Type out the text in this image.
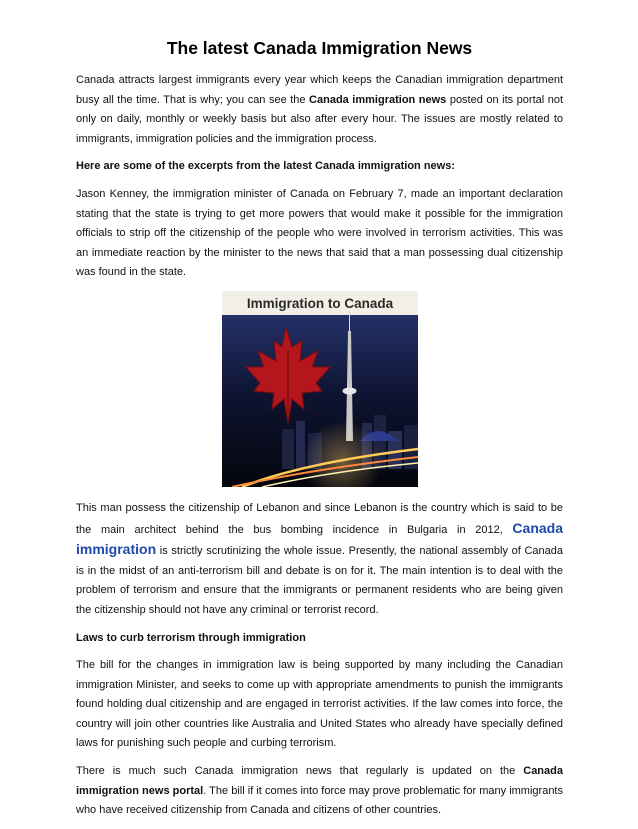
The latest Canada Immigration News

Canada attracts largest immigrants every year which keeps the Canadian immigration department busy all the time. That is why; you can see the Canada immigration news posted on its portal not only on daily, monthly or weekly basis but also after every hour. The issues are mostly related to immigrants, immigration policies and the immigration process.

Here are some of the excerpts from the latest Canada immigration news:

Jason Kenney, the immigration minister of Canada on February 7, made an important declaration stating that the state is trying to get more powers that would make it possible for the immigration officials to strip off the citizenship of the people who were involved in terrorism activities. This was an immediate reaction by the minister to the news that said that a man possessing dual citizenship was found in the state.

Immigration to Canada

This man possess the citizenship of Lebanon and since Lebanon is the country which is said to be the main architect behind the bus bombing incidence in Bulgaria in 2012, Canada immigration is strictly scrutinizing the whole issue. Presently, the national assembly of Canada is in the midst of an anti-terrorism bill and debate is on for it. The main intention is to deal with the problem of terrorism and ensure that the immigrants or permanent residents who are being given the citizenship should not have any criminal or terrorist record.

Laws to curb terrorism through immigration

The bill for the changes in immigration law is being supported by many including the Canadian immigration Minister, and seeks to come up with appropriate amendments to punish the immigrants found holding dual citizenship and are engaged in terrorist activities. If the law comes into force, the country will join other countries like Australia and United States who already have specially defined laws for punishing such people and curbing terrorism.

There is much such Canada immigration news that regularly is updated on the Canada immigration news portal. The bill if it comes into force may prove problematic for many immigrants who have received citizenship from Canada and citizens of other countries.
